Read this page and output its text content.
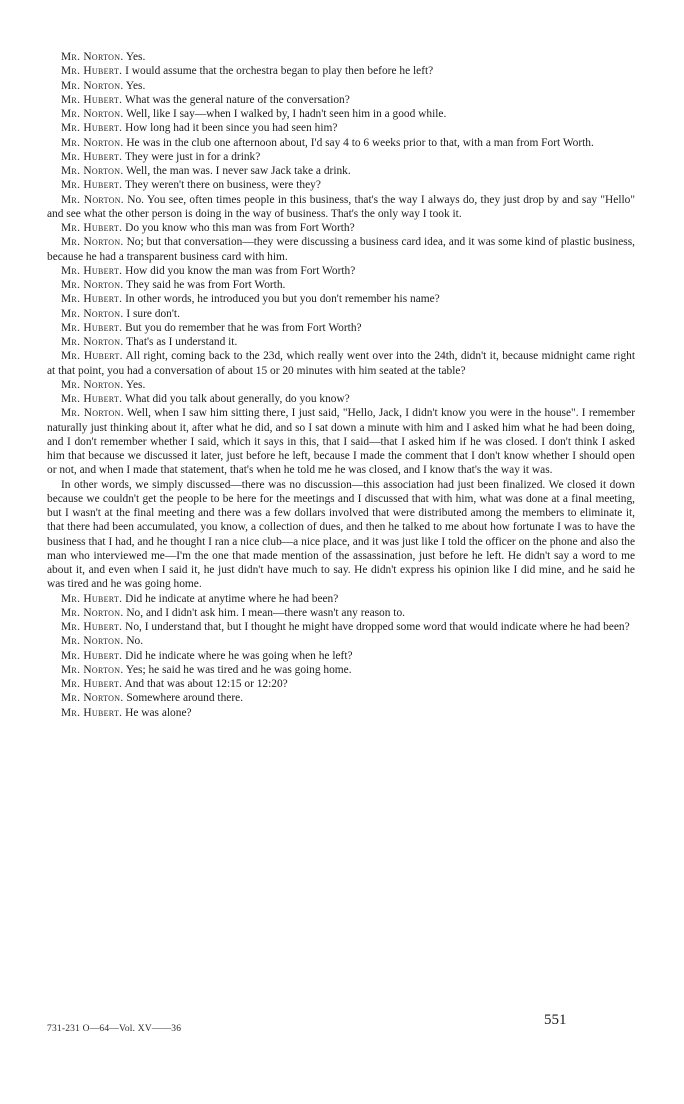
Mr. Norton. Yes.

Mr. Hubert. I would assume that the orchestra began to play then before he left?

Mr. Norton. Yes.

Mr. Hubert. What was the general nature of the conversation?

Mr. Norton. Well, like I say—when I walked by, I hadn't seen him in a good while.

Mr. Hubert. How long had it been since you had seen him?

Mr. Norton. He was in the club one afternoon about, I'd say 4 to 6 weeks prior to that, with a man from Fort Worth.

Mr. Hubert. They were just in for a drink?

Mr. Norton. Well, the man was. I never saw Jack take a drink.

Mr. Hubert. They weren't there on business, were they?

Mr. Norton. No. You see, often times people in this business, that's the way I always do, they just drop by and say "Hello" and see what the other person is doing in the way of business. That's the only way I took it.

Mr. Hubert. Do you know who this man was from Fort Worth?

Mr. Norton. No; but that conversation—they were discussing a business card idea, and it was some kind of plastic business, because he had a transparent business card with him.

Mr. Hubert. How did you know the man was from Fort Worth?

Mr. Norton. They said he was from Fort Worth.

Mr. Hubert. In other words, he introduced you but you don't remember his name?

Mr. Norton. I sure don't.

Mr. Hubert. But you do remember that he was from Fort Worth?

Mr. Norton. That's as I understand it.

Mr. Hubert. All right, coming back to the 23d, which really went over into the 24th, didn't it, because midnight came right at that point, you had a conversation of about 15 or 20 minutes with him seated at the table?

Mr. Norton. Yes.

Mr. Hubert. What did you talk about generally, do you know?

Mr. Norton. Well, when I saw him sitting there, I just said, "Hello, Jack, I didn't know you were in the house". I remember naturally just thinking about it, after what he did, and so I sat down a minute with him and I asked him what he had been doing, and I don't remember whether I said, which it says in this, that I said—that I asked him if he was closed. I don't think I asked him that because we discussed it later, just before he left, because I made the comment that I don't know whether I should open or not, and when I made that statement, that's when he told me he was closed, and I know that's the way it was.

In other words, we simply discussed—there was no discussion—this association had just been finalized. We closed it down because we couldn't get the people to be here for the meetings and I discussed that with him, what was done at a final meeting, but I wasn't at the final meeting and there was a few dollars involved that were distributed among the members to eliminate it, that there had been accumulated, you know, a collection of dues, and then he talked to me about how fortunate I was to have the business that I had, and he thought I ran a nice club—a nice place, and it was just like I told the officer on the phone and also the man who interviewed me—I'm the one that made mention of the assassination, just before he left. He didn't say a word to me about it, and even when I said it, he just didn't have much to say. He didn't express his opinion like I did mine, and he said he was tired and he was going home.

Mr. Hubert. Did he indicate at anytime where he had been?

Mr. Norton. No, and I didn't ask him. I mean—there wasn't any reason to.

Mr. Hubert. No, I understand that, but I thought he might have dropped some word that would indicate where he had been?

Mr. Norton. No.

Mr. Hubert. Did he indicate where he was going when he left?

Mr. Norton. Yes; he said he was tired and he was going home.

Mr. Hubert. And that was about 12:15 or 12:20?

Mr. Norton. Somewhere around there.

Mr. Hubert. He was alone?

551
731-231 O—64—Vol. XV——36
